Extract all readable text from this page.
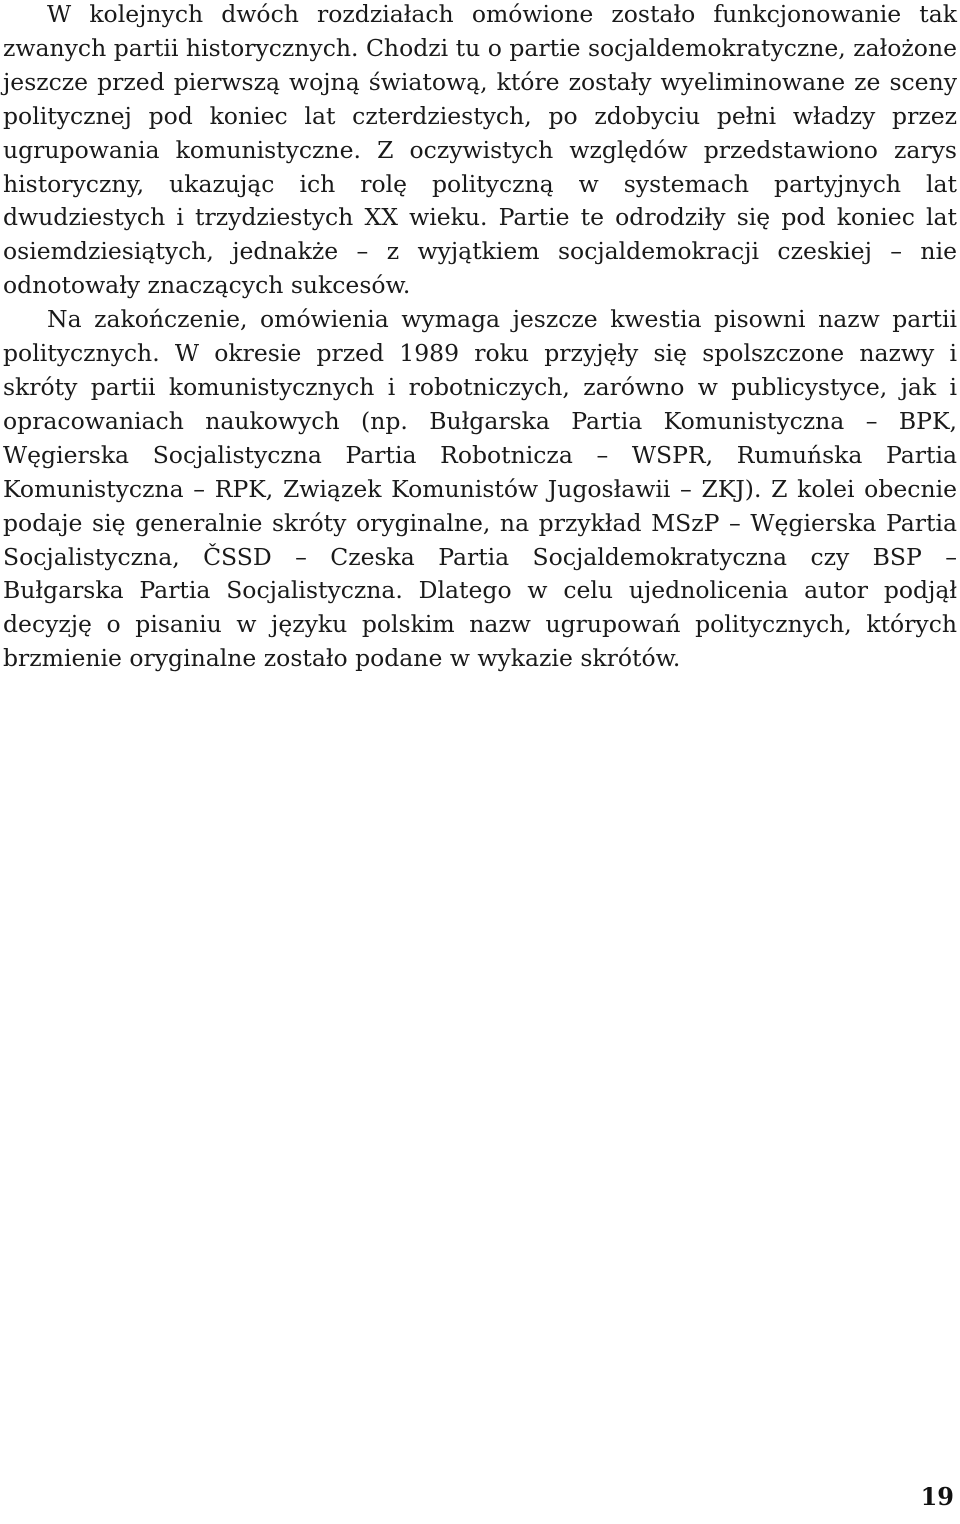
W kolejnych dwóch rozdziałach omówione zostało funkcjonowanie tak zwanych partii historycznych. Chodzi tu o partie socjaldemokratyczne, założone jeszcze przed pierwszą wojną światową, które zostały wyeliminowane ze sceny politycznej pod koniec lat czterdziestych, po zdobyciu pełni władzy przez ugrupowania komunistyczne. Z oczywistych względów przedstawiono zarys historyczny, ukazując ich rolę polityczną w systemach partyjnych lat dwudziestych i trzydziestych XX wieku. Partie te odrodziły się pod koniec lat osiemdziesiątych, jednakże – z wyjątkiem socjaldemokracji czeskiej – nie odnotowały znaczących sukcesów.

Na zakończenie, omówienia wymaga jeszcze kwestia pisowni nazw partii politycznych. W okresie przed 1989 roku przyjęły się spolszczone nazwy i skróty partii komunistycznych i robotniczych, zarówno w publicystyce, jak i opracowaniach naukowych (np. Bułgarska Partia Komunistyczna – BPK, Węgierska Socjalistyczna Partia Robotnicza – WSPR, Rumuńska Partia Komunistyczna – RPK, Związek Komunistów Jugosławii – ZKJ). Z kolei obecnie podaje się generalnie skróty oryginalne, na przykład MSzP – Węgierska Partia Socjalistyczna, ČSSD – Czeska Partia Socjaldemokratyczna czy BSP – Bułgarska Partia Socjalistyczna. Dlatego w celu ujednolicenia autor podjął decyzję o pisaniu w języku polskim nazw ugrupowań politycznych, których brzmienie oryginalne zostało podane w wykazie skrótów.

19
